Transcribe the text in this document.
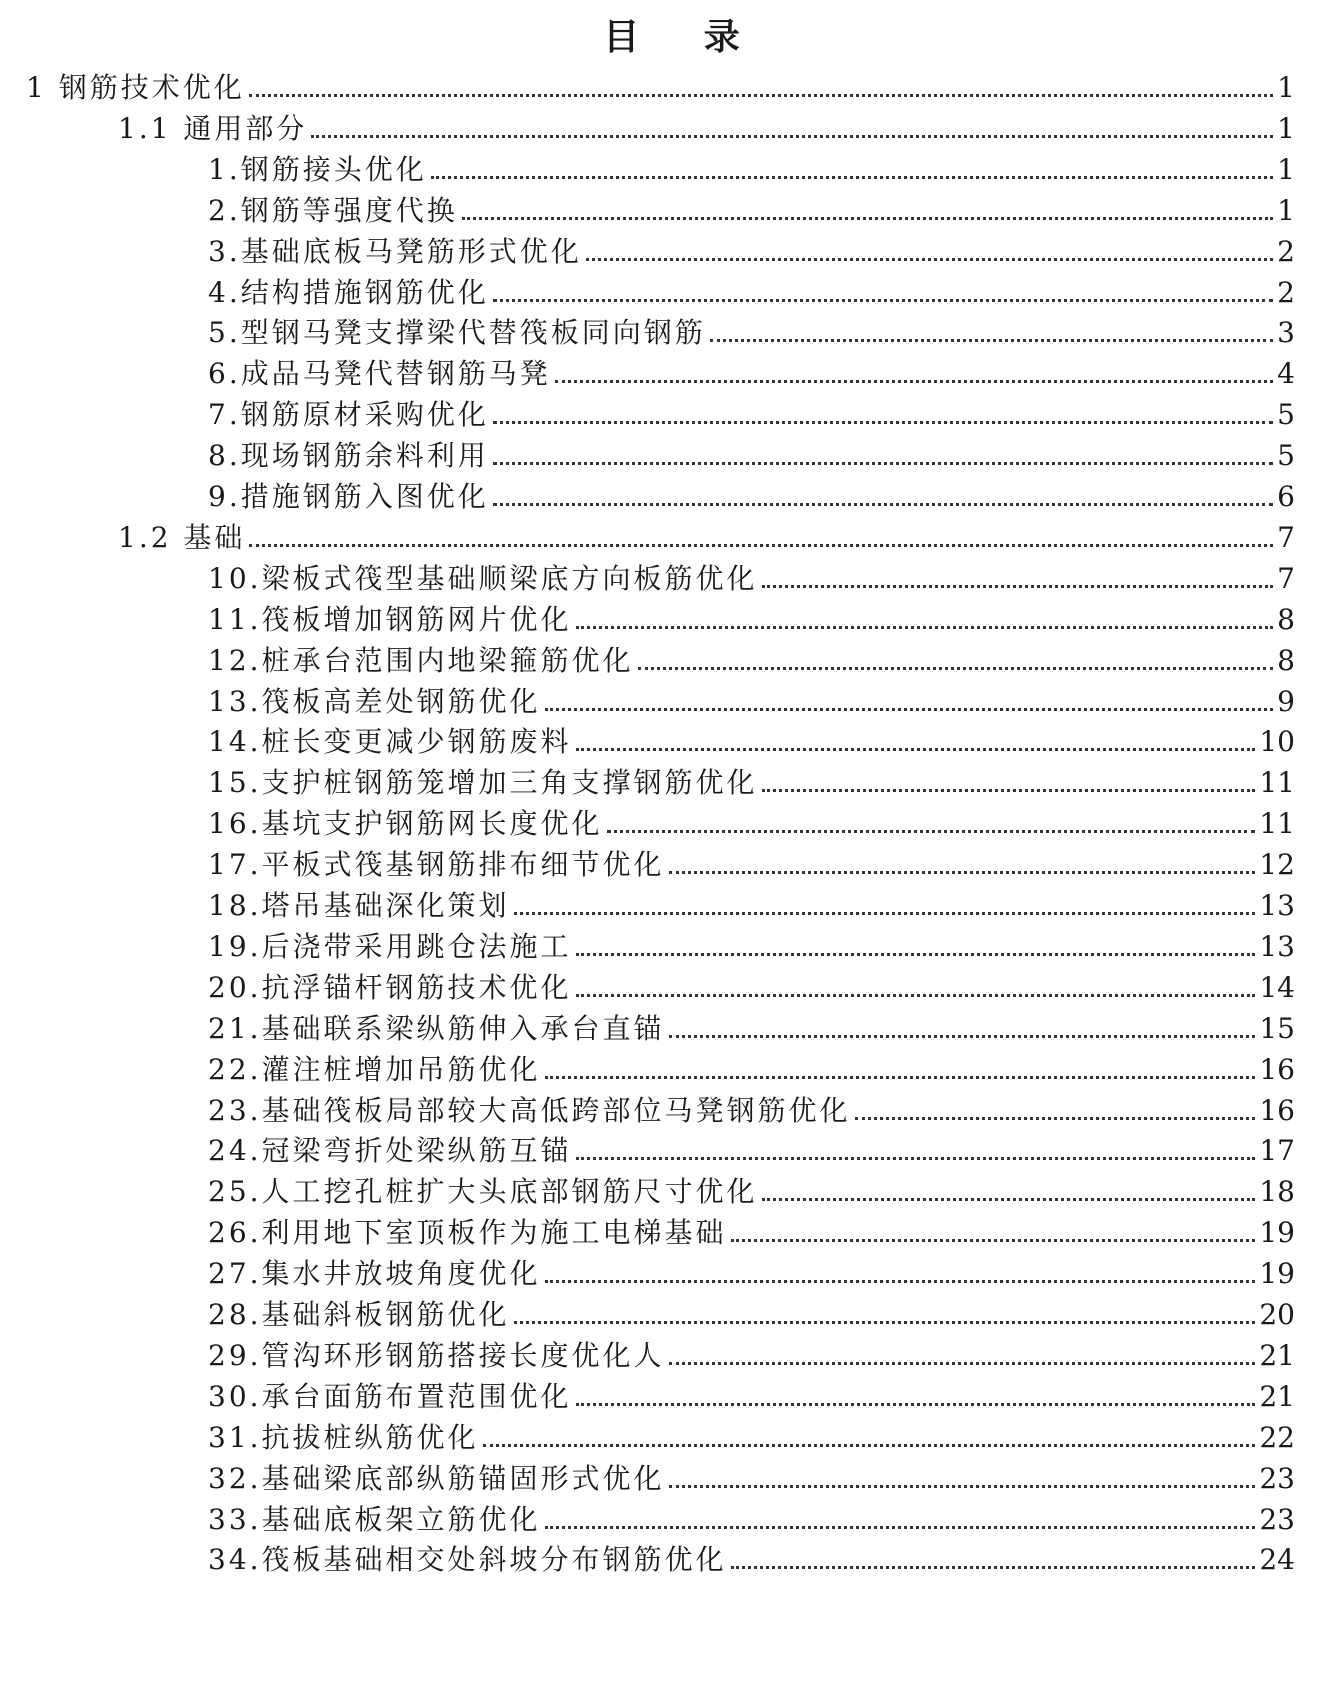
目 录
1 钢筋技术优化	1
1.1 通用部分	1
1.钢筋接头优化	1
2.钢筋等强度代换	1
3.基础底板马凳筋形式优化	2
4.结构措施钢筋优化	2
5.型钢马凳支撑梁代替筏板同向钢筋	3
6.成品马凳代替钢筋马凳	4
7.钢筋原材采购优化	5
8.现场钢筋余料利用	5
9.措施钢筋入图优化	6
1.2 基础	7
10.梁板式筏型基础顺梁底方向板筋优化	7
11.筏板增加钢筋网片优化	8
12.桩承台范围内地梁箍筋优化	8
13.筏板高差处钢筋优化	9
14.桩长变更减少钢筋废料	10
15.支护桩钢筋笼增加三角支撑钢筋优化	11
16.基坑支护钢筋网长度优化	11
17.平板式筏基钢筋排布细节优化	12
18.塔吊基础深化策划	13
19.后浇带采用跳仓法施工	13
20.抗浮锚杆钢筋技术优化	14
21.基础联系梁纵筋伸入承台直锚	15
22.灌注桩增加吊筋优化	16
23.基础筏板局部较大高低跨部位马凳钢筋优化	16
24.冠梁弯折处梁纵筋互锚	17
25.人工挖孔桩扩大头底部钢筋尺寸优化	18
26.利用地下室顶板作为施工电梯基础	19
27.集水井放坡角度优化	19
28.基础斜板钢筋优化	20
29.管沟环形钢筋搭接长度优化人	21
30.承台面筋布置范围优化	21
31.抗拔桩纵筋优化	22
32.基础梁底部纵筋锚固形式优化	23
33.基础底板架立筋优化	23
34.筏板基础相交处斜坡分布钢筋优化	24
